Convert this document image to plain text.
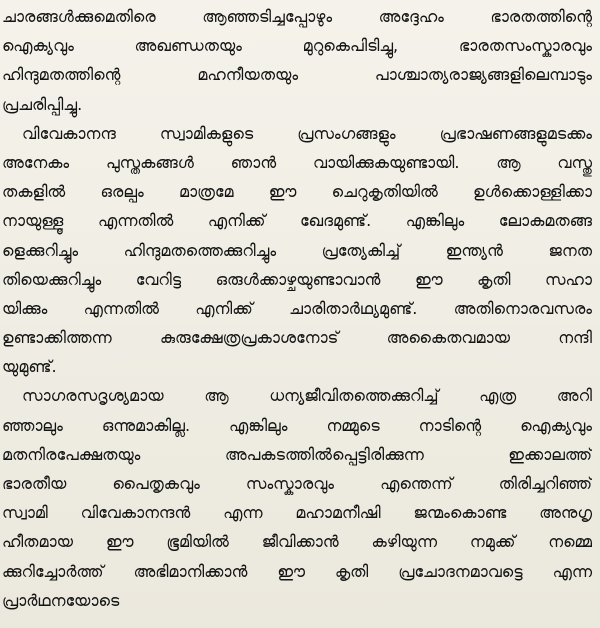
ചാരങ്ങൾക്കുമെതിരെ ആഞ്ഞടിച്ചപ്പോഴും അദ്ദേഹം ഭാരതത്തിന്റെ
ഐക്യവും അഖണ്ഡതയും മുറുകെപിടിച്ചു, ഭാരതസംസ്കാരവും
ഹിന്ദുമതത്തിന്റെ മഹനീയതയും പാശ്ചാത്യരാജ്യങ്ങളിലെമ്പാടും
പ്രചരിപ്പിച്ചു.
വിവേകാനന്ദ സ്വാമികളുടെ പ്രസംഗങ്ങളും പ്രഭാഷണങ്ങളുമടക്കം
അനേകം പുസ്തകങ്ങൾ ഞാൻ വായിക്കുകയുണ്ടായി. ആ വസ്തു
തകളിൽ ഒരല്പം മാത്രമേ ഈ ചെറുകൃതിയിൽ ഉൾക്കൊള്ളിക്കാ
നായുള്ളൂ എന്നതിൽ എനിക്ക് ഖേദമുണ്ട്. എങ്കിലും ലോകമതങ്ങ
ളെക്കുറിച്ചും ഹിന്ദുമതത്തെക്കുറിച്ചും പ്രത്യേകിച്ച് ഇന്ത്യൻ ജനത
തിയെക്കുറിച്ചും വേറിട്ട ഒരുൾക്കാഴ്ചയുണ്ടാവാൻ ഈ കൃതി സഹാ
യിക്കും എന്നതിൽ എനിക്ക് ചാരിതാർഥ്യമുണ്ട്. അതിനൊരവസരം
ഉണ്ടാക്കിത്തന്ന കുരുക്ഷേത്രപ്രകാശനോട് അകൈതവമായ നന്ദി
യുമുണ്ട്.
സാഗരസദൃശ്യമായ ആ ധന്യജീവിതത്തെക്കുറിച്ച് എത്ര അറി
ഞ്ഞാലും ഒന്നുമാകില്ല. എങ്കിലും നമ്മുടെ നാടിന്റെ ഐക്യവും
മതനിരപേക്ഷതയും അപകടത്തിൽപ്പെട്ടിരിക്കുന്ന ഇക്കാലത്ത്
ഭാരതീയ പൈതൃകവും സംസ്കാരവും എന്തെന്ന് തിരിച്ചറിഞ്ഞ്
സ്വാമി വിവേകാനന്ദൻ എന്ന മഹാമനീഷി ജന്മംകൊണ്ട അനുഗൃ
ഹീതമായ ഈ ഭൂമിയിൽ ജീവിക്കാൻ കഴിയുന്ന നമുക്ക് നമ്മെ
ക്കുറിച്ചോർത്ത് അഭിമാനിക്കാൻ ഈ കൃതി പ്രചോദനമാവട്ടെ എന്ന
പ്രാർഥനയോടെ
